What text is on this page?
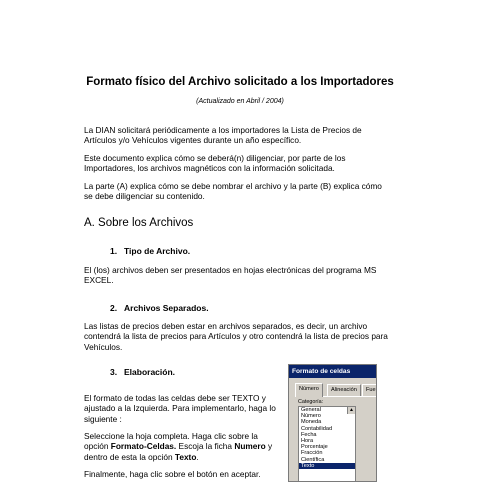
Formato físico del Archivo solicitado a los Importadores
(Actualizado en Abril / 2004)
La DIAN solicitará periódicamente a los importadores la Lista de Precios de Artículos y/o Vehículos vigentes durante un año específico.
Este documento explica cómo se deberá(n) diligenciar, por parte de los Importadores, los archivos magnéticos con la información solicitada.
La parte (A) explica cómo se debe nombrar el archivo y la parte (B) explica cómo se debe diligenciar su contenido.
A. Sobre los Archivos
1. Tipo de Archivo.
El (los) archivos deben ser presentados en hojas electrónicas del programa MS EXCEL.
2. Archivos Separados.
Las listas de precios deben estar en archivos separados, es decir, un archivo contendrá la lista de precios para Artículos y otro contendrá la lista de precios para Vehículos.
3. Elaboración.
El formato de todas las celdas debe ser TEXTO y ajustado a la Izquierda. Para implementarlo, haga lo siguiente :
Seleccione la hoja completa. Haga clic sobre la opción Formato-Celdas. Escoja la ficha Numero y dentro de esta la opción Texto.
Finalmente, haga clic sobre el botón en aceptar.
Formato de celdas
Número	Alineación	Fue
Categoría:
General
Número
Moneda
Contabilidad
Fecha
Hora
Porcentaje
Fracción
Científica
Texto
▲
